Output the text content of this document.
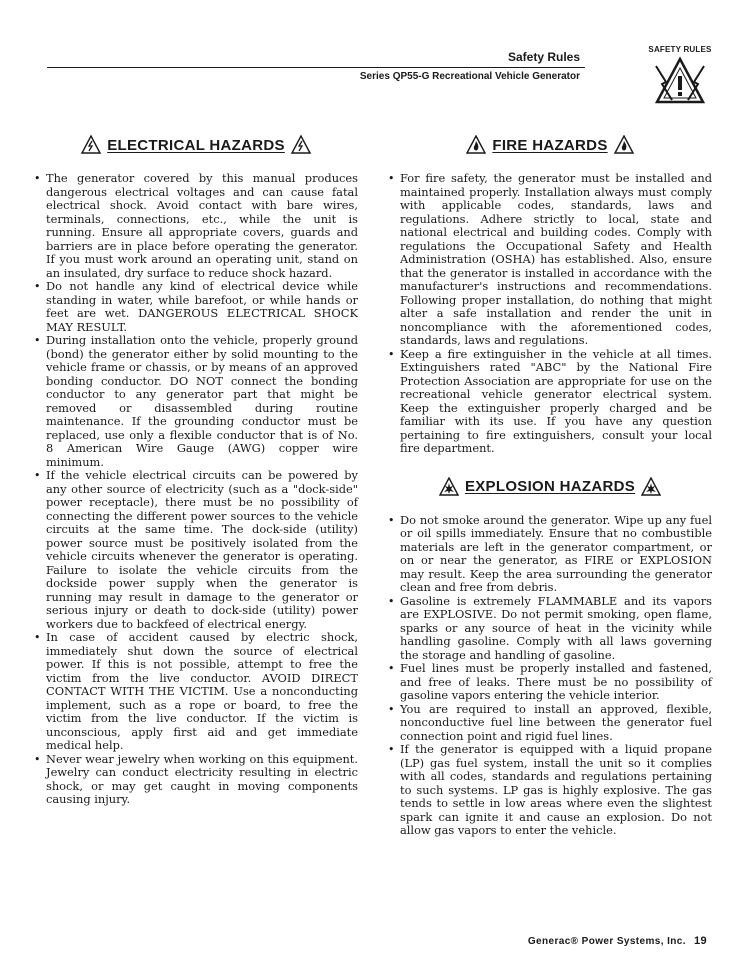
Safety Rules
Series QP55-G Recreational Vehicle Generator
SAFETY RULES
ELECTRICAL HAZARDS
• The generator covered by this manual produces dangerous electrical voltages and can cause fatal electrical shock. Avoid contact with bare wires, terminals, connections, etc., while the unit is running. Ensure all appropriate covers, guards and barriers are in place before operating the generator. If you must work around an operating unit, stand on an insulated, dry surface to reduce shock hazard.
• Do not handle any kind of electrical device while standing in water, while barefoot, or while hands or feet are wet. DANGEROUS ELECTRICAL SHOCK MAY RESULT.
• During installation onto the vehicle, properly ground (bond) the generator either by solid mounting to the vehicle frame or chassis, or by means of an approved bonding conductor. DO NOT connect the bonding conductor to any generator part that might be removed or disassembled during routine maintenance. If the grounding conductor must be replaced, use only a flexible conductor that is of No. 8 American Wire Gauge (AWG) copper wire minimum.
• If the vehicle electrical circuits can be powered by any other source of electricity (such as a "dock-side" power receptacle), there must be no possibility of connecting the different power sources to the vehicle circuits at the same time. The dock-side (utility) power source must be positively isolated from the vehicle circuits whenever the generator is operating. Failure to isolate the vehicle circuits from the dockside power supply when the generator is running may result in damage to the generator or serious injury or death to dock-side (utility) power workers due to backfeed of electrical energy.
• In case of accident caused by electric shock, immediately shut down the source of electrical power. If this is not possible, attempt to free the victim from the live conductor. AVOID DIRECT CONTACT WITH THE VICTIM. Use a nonconducting implement, such as a rope or board, to free the victim from the live conductor. If the victim is unconscious, apply first aid and get immediate medical help.
• Never wear jewelry when working on this equipment. Jewelry can conduct electricity resulting in electric shock, or may get caught in moving components causing injury.
FIRE HAZARDS
• For fire safety, the generator must be installed and maintained properly. Installation always must comply with applicable codes, standards, laws and regulations. Adhere strictly to local, state and national electrical and building codes. Comply with regulations the Occupational Safety and Health Administration (OSHA) has established. Also, ensure that the generator is installed in accordance with the manufacturer's instructions and recommendations. Following proper installation, do nothing that might alter a safe installation and render the unit in noncompliance with the aforementioned codes, standards, laws and regulations.
• Keep a fire extinguisher in the vehicle at all times. Extinguishers rated "ABC" by the National Fire Protection Association are appropriate for use on the recreational vehicle generator electrical system. Keep the extinguisher properly charged and be familiar with its use. If you have any question pertaining to fire extinguishers, consult your local fire department.
EXPLOSION HAZARDS
• Do not smoke around the generator. Wipe up any fuel or oil spills immediately. Ensure that no combustible materials are left in the generator compartment, or on or near the generator, as FIRE or EXPLOSION may result. Keep the area surrounding the generator clean and free from debris.
• Gasoline is extremely FLAMMABLE and its vapors are EXPLOSIVE. Do not permit smoking, open flame, sparks or any source of heat in the vicinity while handling gasoline. Comply with all laws governing the storage and handling of gasoline.
• Fuel lines must be properly installed and fastened, and free of leaks. There must be no possibility of gasoline vapors entering the vehicle interior.
• You are required to install an approved, flexible, nonconductive fuel line between the generator fuel connection point and rigid fuel lines.
• If the generator is equipped with a liquid propane (LP) gas fuel system, install the unit so it complies with all codes, standards and regulations pertaining to such systems. LP gas is highly explosive. The gas tends to settle in low areas where even the slightest spark can ignite it and cause an explosion. Do not allow gas vapors to enter the vehicle.
Generac® Power Systems, Inc. 19
